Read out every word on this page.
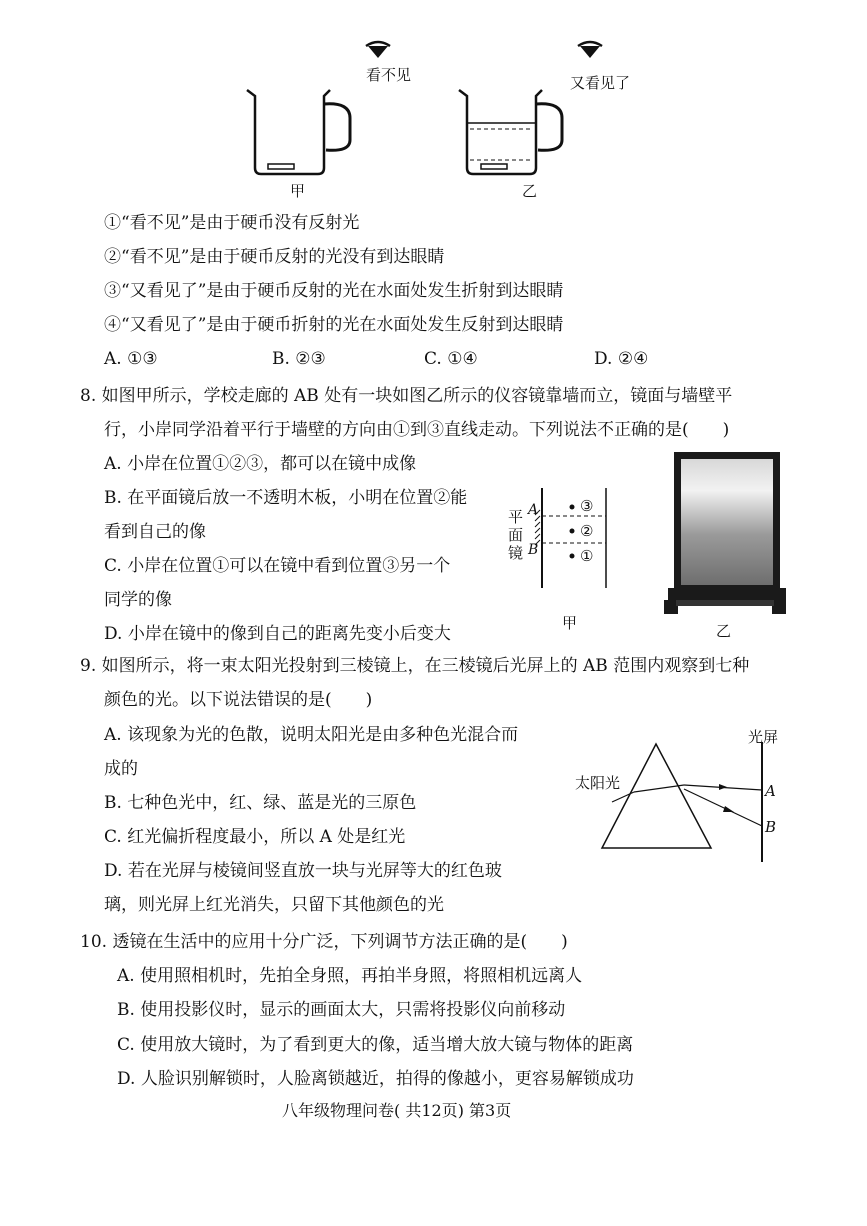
看不见	又看见了
甲	乙
①“看不见”是由于硬币没有反射光
②“看不见”是由于硬币反射的光没有到达眼睛
③“又看见了”是由于硬币反射的光在水面处发生折射到达眼睛
④“又看见了”是由于硬币折射的光在水面处发生反射到达眼睛
A. ①③	B. ②③	C. ①④	D. ②④
8. 如图甲所示，学校走廊的 AB 处有一块如图乙所示的仪容镜靠墙而立，镜面与墙壁平
行，小岸同学沿着平行于墙壁的方向由①到③直线走动。下列说法不正确的是(　　)
A. 小岸在位置①②③，都可以在镜中成像
B. 在平面镜后放一不透明木板，小明在位置②能
看到自己的像
C. 小岸在位置①可以在镜中看到位置③另一个
同学的像
D. 小岸在镜中的像到自己的距离先变小后变大
平
面
镜
A
B
③
②
①
甲	乙
9. 如图所示，将一束太阳光投射到三棱镜上，在三棱镜后光屏上的 AB 范围内观察到七种
颜色的光。以下说法错误的是(　　)
A. 该现象为光的色散，说明太阳光是由多种色光混合而
成的
B. 七种色光中，红、绿、蓝是光的三原色
C. 红光偏折程度最小，所以 A 处是红光
D. 若在光屏与棱镜间竖直放一块与光屏等大的红色玻
璃，则光屏上红光消失，只留下其他颜色的光
光屏
太阳光	A
B
10. 透镜在生活中的应用十分广泛，下列调节方法正确的是(　　)
A. 使用照相机时，先拍全身照，再拍半身照，将照相机远离人
B. 使用投影仪时，显示的画面太大，只需将投影仪向前移动
C. 使用放大镜时，为了看到更大的像，适当增大放大镜与物体的距离
D. 人脸识别解锁时，人脸离锁越近，拍得的像越小，更容易解锁成功
八年级物理问卷( 共12页) 第3页
